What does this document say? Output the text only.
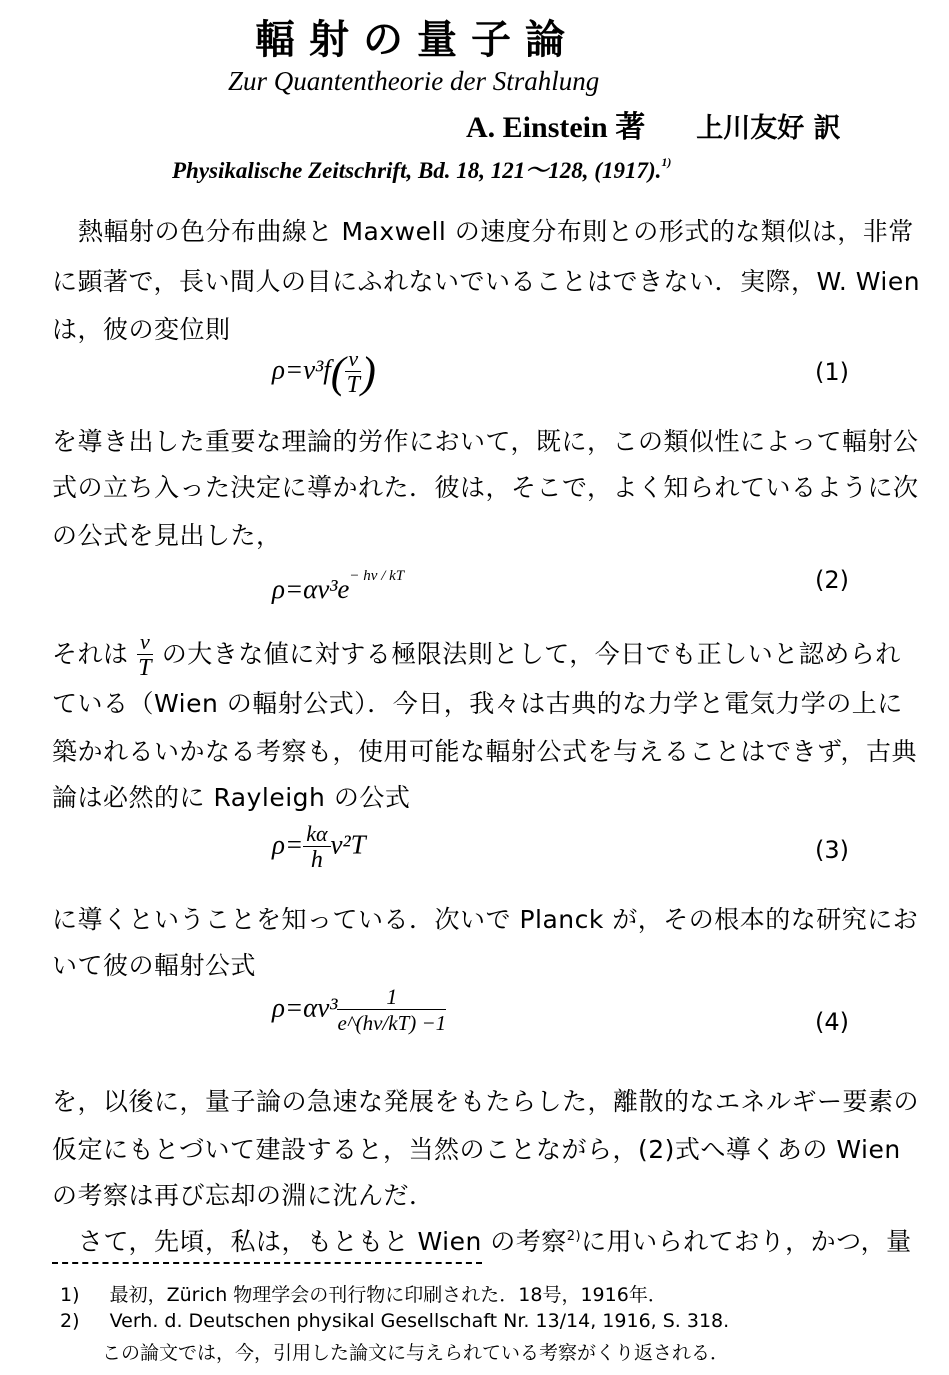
輻射の量子論
Zur Quantentheorie der Strahlung
A. Einstein 著 上川友好 訳
Physikalische Zeitschrift, Bd. 18, 121〜128, (1917).$^{1)}$
熱輻射の色分布曲線と Maxwell の速度分布則との形式的な類似は，非常
に顕著で，長い間人の目にふれないでいることはできない．実際，W. Wien
は，彼の変位則
$\rho=\nu^3f( \frac{\nu}{T}$ )	(1)
を導き出した重要な理論的労作において，既に，この類似性によって輻射公
式の立ち入った決定に導かれた．彼は，そこで，よく知られているように次
の公式を見出した，
$\rho=\alpha\nu^3e^{- h\nu / kT}$	(2)
それは $\frac{\nu}{T}$ の大きな値に対する極限法則として，今日でも正しいと認められ
ている（Wien の輻射公式）．今日，我々は古典的な力学と電気力学の上に
築かれるいかなる考察も，使用可能な輻射公式を与えることはできず，古典
論は必然的に Rayleigh の公式
$\rho= \frac{k\alpha}{h} \nu^2T$	(3)
に導くということを知っている．次いで Planck が，その根本的な研究にお
いて彼の輻射公式
$\rho=\alpha\nu^3 \frac{1}{e\^{}(h\nu/kT) -1}$	(4)
を，以後に，量子論の急速な発展をもたらした，離散的なエネルギー要素の
仮定にもとづいて建設すると，当然のことながら，(2)式へ導くあの Wien
の考察は再び忘却の淵に沈んだ．
さて，先頃，私は，もともと Wien の考察$^{2)}$に用いられており，かつ，量
1) 最初，Zürich 物理学会の刊行物に印刷された．18号，1916年．
2) Verh. d. Deutschen physikal Gesellschaft Nr. 13/14, 1916, S. 318.
この論文では，今，引用した論文に与えられている考察がくり返される．
